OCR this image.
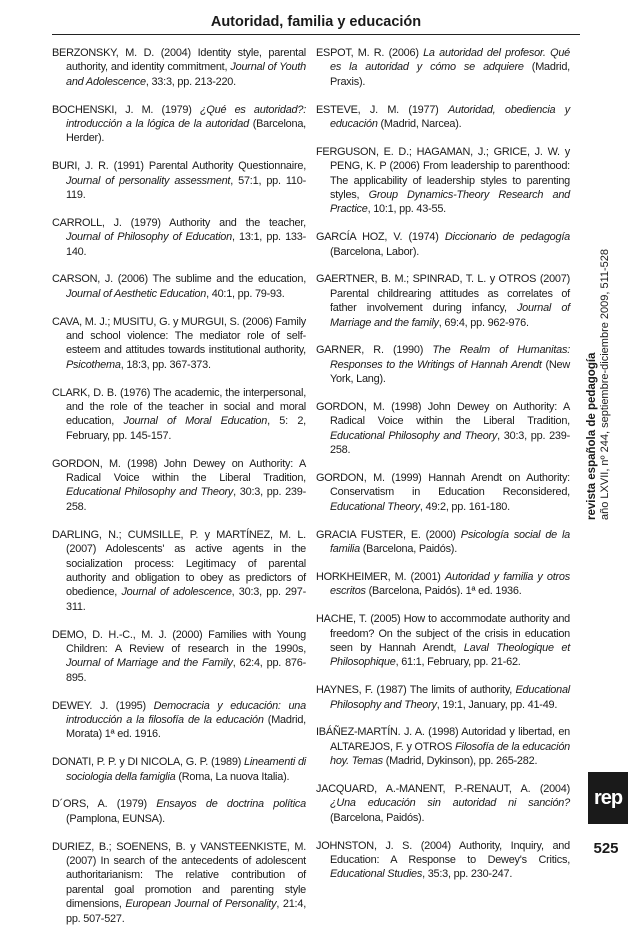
Autoridad, familia y educación

BERZONSKY, M. D. (2004) Identity style, parental authority, and identity commitment, Journal of Youth and Adolescence, 33:3, pp. 213-220.

BOCHENSKI, J. M. (1979) ¿Qué es autoridad?: introducción a la lógica de la autoridad (Barcelona, Herder).

BURI, J. R. (1991) Parental Authority Questionnaire, Journal of personality assessment, 57:1, pp. 110-119.

CARROLL, J. (1979) Authority and the teacher, Journal of Philosophy of Education, 13:1, pp. 133-140.

CARSON, J. (2006) The sublime and the education, Journal of Aesthetic Education, 40:1, pp. 79-93.

CAVA, M. J.; MUSITU, G. y MURGUI, S. (2006) Family and school violence: The mediator role of self-esteem and attitudes towards institutional authority, Psicothema, 18:3, pp. 367-373.

CLARK, D. B. (1976) The academic, the interpersonal, and the role of the teacher in social and moral education, Journal of Moral Education, 5: 2, February, pp. 145-157.

GORDON, M. (1998) John Dewey on Authority: A Radical Voice within the Liberal Tradition, Educational Philosophy and Theory, 30:3, pp. 239-258.

DARLING, N.; CUMSILLE, P. y MARTÍNEZ, M. L. (2007) Adolescents' as active agents in the socialization process: Legitimacy of parental authority and obligation to obey as predictors of obedience, Journal of adolescence, 30:3, pp. 297-311.

DEMO, D. H.-C., M. J. (2000) Families with Young Children: A Review of research in the 1990s, Journal of Marriage and the Family, 62:4, pp. 876-895.

DEWEY. J. (1995) Democracia y educación: una introducción a la filosofía de la educación (Madrid, Morata) 1ª ed. 1916.

DONATI, P. P. y DI NICOLA, G. P. (1989) Lineamenti di sociologia della famiglia (Roma, La nuova Italia).

D´ORS, A. (1979) Ensayos de doctrina política (Pamplona, EUNSA).

DURIEZ, B.; SOENENS, B. y VANSTEENKISTE, M. (2007) In search of the antecedents of adolescent authoritarianism: The relative contribution of parental goal promotion and parenting style dimensions, European Journal of Personality, 21:4, pp. 507-527.

ESPOT, M. R. (2006) La autoridad del profesor. Qué es la autoridad y cómo se adquiere (Madrid, Praxis).

ESTEVE, J. M. (1977) Autoridad, obediencia y educación (Madrid, Narcea).

FERGUSON, E. D.; HAGAMAN, J.; GRICE, J. W. y PENG, K. P (2006) From leadership to parenthood: The applicability of leadership styles to parenting styles, Group Dynamics-Theory Research and Practice, 10:1, pp. 43-55.

GARCÍA HOZ, V. (1974) Diccionario de pedagogía (Barcelona, Labor).

GAERTNER, B. M.; SPINRAD, T. L. y OTROS (2007) Parental childrearing attitudes as correlates of father involvement during infancy, Journal of Marriage and the family, 69:4, pp. 962-976.

GARNER, R. (1990) The Realm of Humanitas: Responses to the Writings of Hannah Arendt (New York, Lang).

GORDON, M. (1998) John Dewey on Authority: A Radical Voice within the Liberal Tradition, Educational Philosophy and Theory, 30:3, pp. 239-258.

GORDON, M. (1999) Hannah Arendt on Authority: Conservatism in Education Reconsidered, Educational Theory, 49:2, pp. 161-180.

GRACIA FUSTER, E. (2000) Psicología social de la familia (Barcelona, Paidós).

HORKHEIMER, M. (2001) Autoridad y familia y otros escritos (Barcelona, Paidós). 1ª ed. 1936.

HACHE, T. (2005) How to accommodate authority and freedom? On the subject of the crisis in education seen by Hannah Arendt, Laval Theologique et Philosophique, 61:1, February, pp. 21-62.

HAYNES, F. (1987) The limits of authority, Educational Philosophy and Theory, 19:1, January, pp. 41-49.

IBÁÑEZ-MARTÍN. J. A. (1998) Autoridad y libertad, en ALTAREJOS, F. y OTROS Filosofía de la educación hoy. Temas (Madrid, Dykinson), pp. 265-282.

JACQUARD, A.-MANENT, P.-RENAUT, A. (2004) ¿Una educación sin autoridad ni sanción? (Barcelona, Paidós).

JOHNSTON, J. S. (2004) Authority, Inquiry, and Education: A Response to Dewey's Critics, Educational Studies, 35:3, pp. 230-247.

revista española de pedagogía año LXVII, nº 244, septiembre-diciembre 2009, 511-528
rep
525
